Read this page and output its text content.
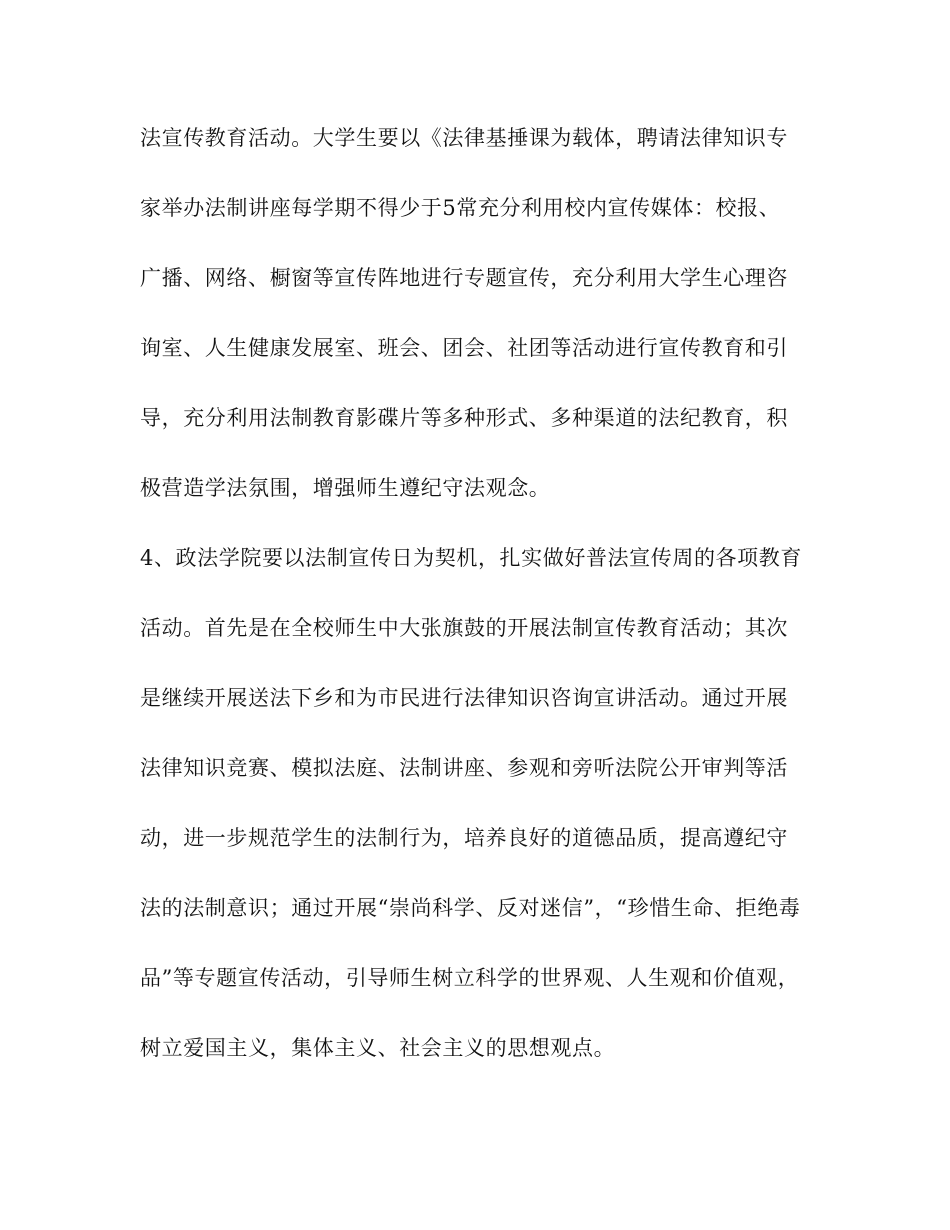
法宣传教育活动。大学生要以《法律基捶课为载体，聘请法律知识专
家举办法制讲座每学期不得少于5常充分利用校内宣传媒体：校报、
广播、网络、橱窗等宣传阵地进行专题宣传，充分利用大学生心理咨
询室、人生健康发展室、班会、团会、社团等活动进行宣传教育和引
导，充分利用法制教育影碟片等多种形式、多种渠道的法纪教育，积
极营造学法氛围，增强师生遵纪守法观念。
4、政法学院要以法制宣传日为契机，扎实做好普法宣传周的各项教育
活动。首先是在全校师生中大张旗鼓的开展法制宣传教育活动；其次
是继续开展送法下乡和为市民进行法律知识咨询宣讲活动。通过开展
法律知识竞赛、模拟法庭、法制讲座、参观和旁听法院公开审判等活
动，进一步规范学生的法制行为，培养良好的道德品质，提高遵纪守
法的法制意识；通过开展“崇尚科学、反对迷信”，“珍惜生命、拒绝毒
品”等专题宣传活动，引导师生树立科学的世界观、人生观和价值观，
树立爱国主义，集体主义、社会主义的思想观点。
